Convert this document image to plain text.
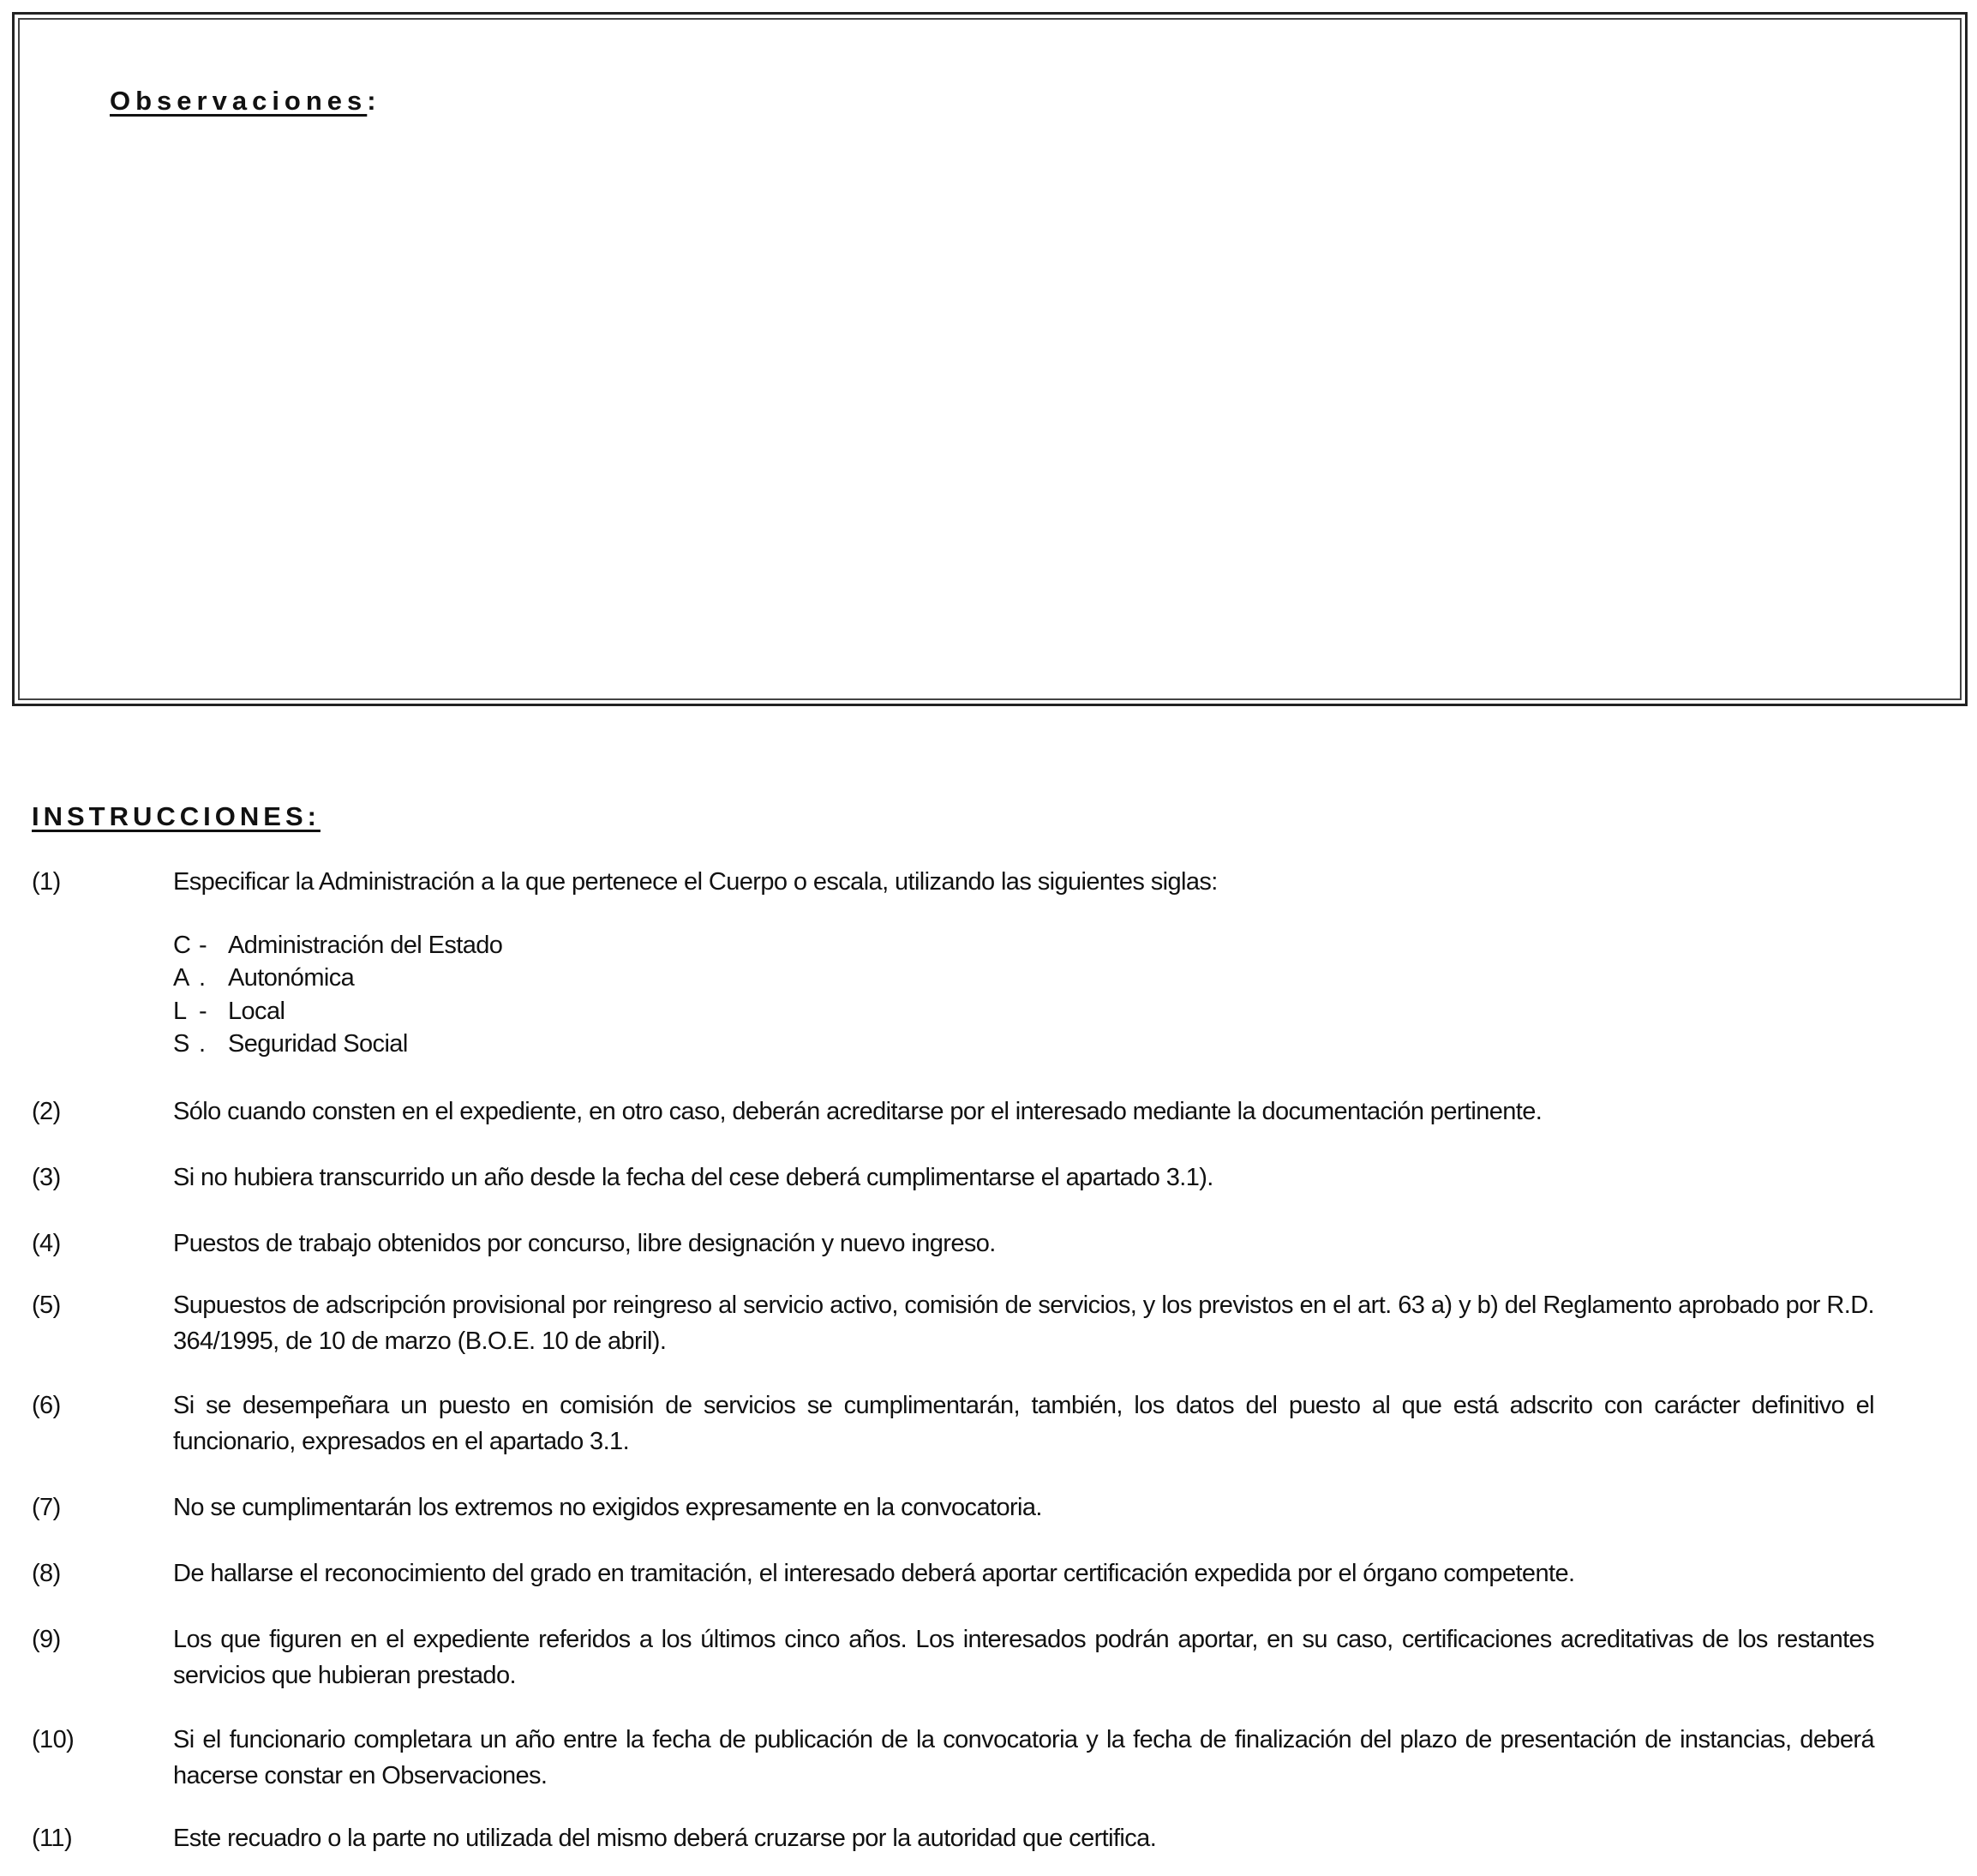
Observaciones:
INSTRUCCIONES:
(1)	Especificar la Administración a la que pertenece el Cuerpo o escala, utilizando las siguientes siglas:
C - Administración del Estado
A . Autonómica
L - Local
S . Seguridad Social
(2)	Sólo cuando consten en el expediente, en otro caso, deberán acreditarse por el interesado mediante la documentación pertinente.
(3)	Si no hubiera transcurrido un año desde la fecha del cese deberá cumplimentarse el apartado 3.1).
(4)	Puestos de trabajo obtenidos por concurso, libre designación y nuevo ingreso.
(5)	Supuestos de adscripción provisional por reingreso al servicio activo, comisión de servicios, y los previstos en el art. 63 a) y b) del Reglamento aprobado por R.D. 364/1995, de 10 de marzo (B.O.E. 10 de abril).
(6)	Si se desempeñara un puesto en comisión de servicios se cumplimentarán, también, los datos del puesto al que está adscrito con carácter definitivo el funcionario, expresados en el apartado 3.1.
(7)	No se cumplimentarán los extremos no exigidos expresamente en la convocatoria.
(8)	De hallarse el reconocimiento del grado en tramitación, el interesado deberá aportar certificación expedida por el órgano competente.
(9)	Los que figuren en el expediente referidos a los últimos cinco años. Los interesados podrán aportar, en su caso, certificaciones acreditativas de los restantes servicios que hubieran prestado.
(10)	Si el funcionario completara un año entre la fecha de publicación de la convocatoria y la fecha de finalización del plazo de presentación de instancias, deberá hacerse constar en Observaciones.
(11)	Este recuadro o la parte no utilizada del mismo deberá cruzarse por la autoridad que certifica.
